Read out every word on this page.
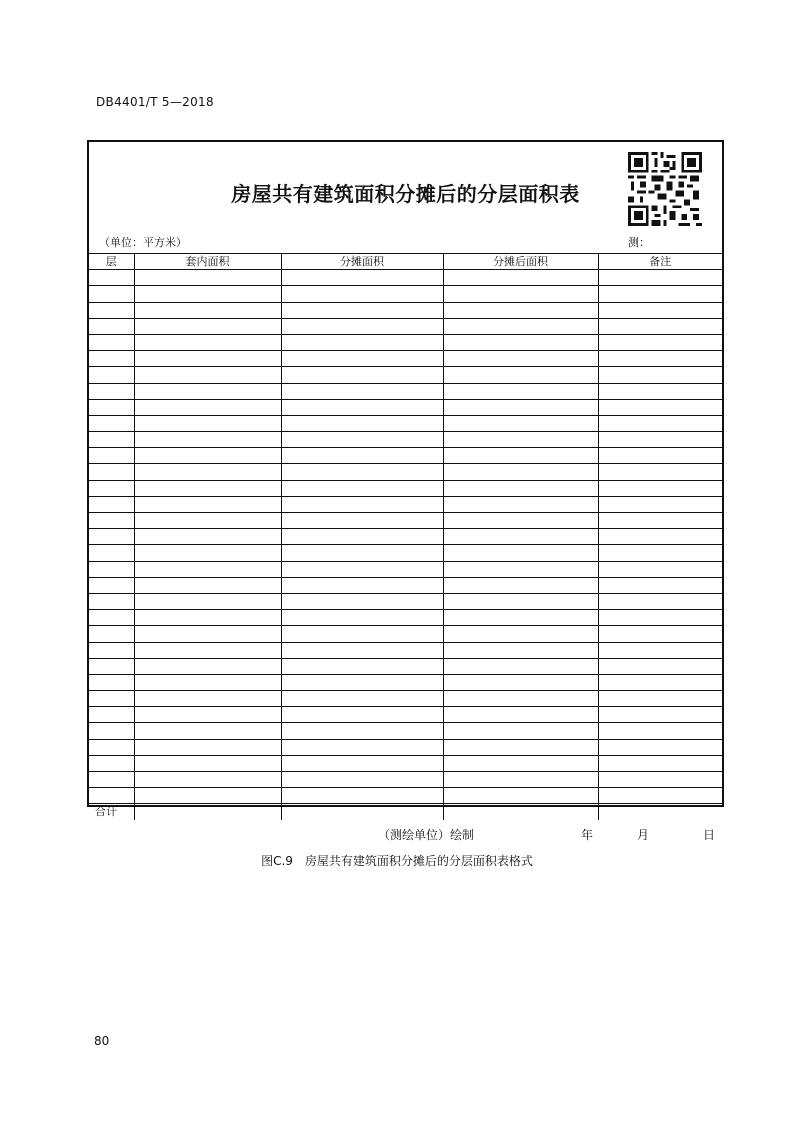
DB4401/T 5—2018
房屋共有建筑面积分摊后的分层面积表
（单位：平方米）	测：
层	套内面积	分摊面积	分摊后面积	备注

合计				
（测绘单位）绘制	年	月	日
图C.9　房屋共有建筑面积分摊后的分层面积表格式
80
